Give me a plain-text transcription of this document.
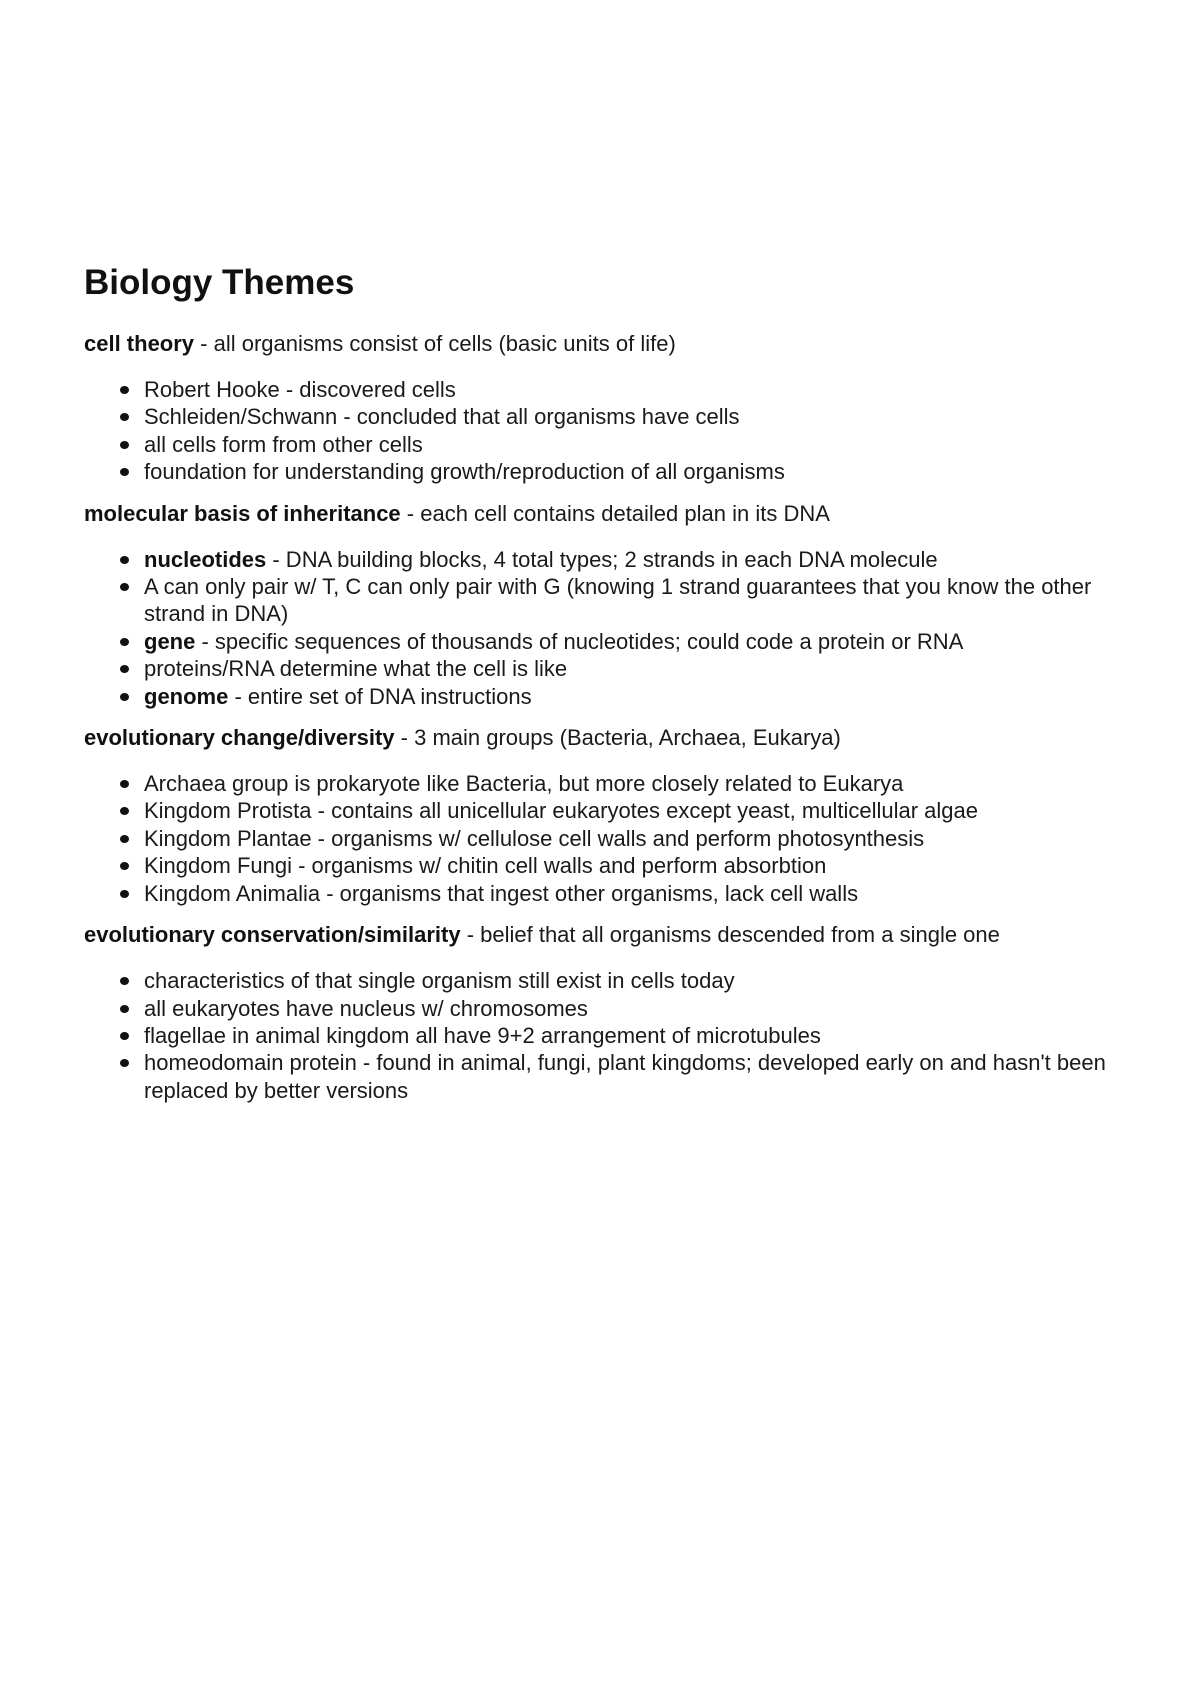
Biology Themes

cell theory - all organisms consist of cells (basic units of life)

Robert Hooke - discovered cells
Schleiden/Schwann - concluded that all organisms have cells
all cells form from other cells
foundation for understanding growth/reproduction of all organisms

molecular basis of inheritance - each cell contains detailed plan in its DNA

nucleotides - DNA building blocks, 4 total types; 2 strands in each DNA molecule
A can only pair w/ T, C can only pair with G (knowing 1 strand guarantees that you know the other strand in DNA)
gene - specific sequences of thousands of nucleotides; could code a protein or RNA
proteins/RNA determine what the cell is like
genome - entire set of DNA instructions

evolutionary change/diversity - 3 main groups (Bacteria, Archaea, Eukarya)

Archaea group is prokaryote like Bacteria, but more closely related to Eukarya
Kingdom Protista - contains all unicellular eukaryotes except yeast, multicellular algae
Kingdom Plantae - organisms w/ cellulose cell walls and perform photosynthesis
Kingdom Fungi - organisms w/ chitin cell walls and perform absorbtion
Kingdom Animalia - organisms that ingest other organisms, lack cell walls

evolutionary conservation/similarity - belief that all organisms descended from a single one

characteristics of that single organism still exist in cells today
all eukaryotes have nucleus w/ chromosomes
flagellae in animal kingdom all have 9+2 arrangement of microtubules
homeodomain protein - found in animal, fungi, plant kingdoms; developed early on and hasn't been replaced by better versions
